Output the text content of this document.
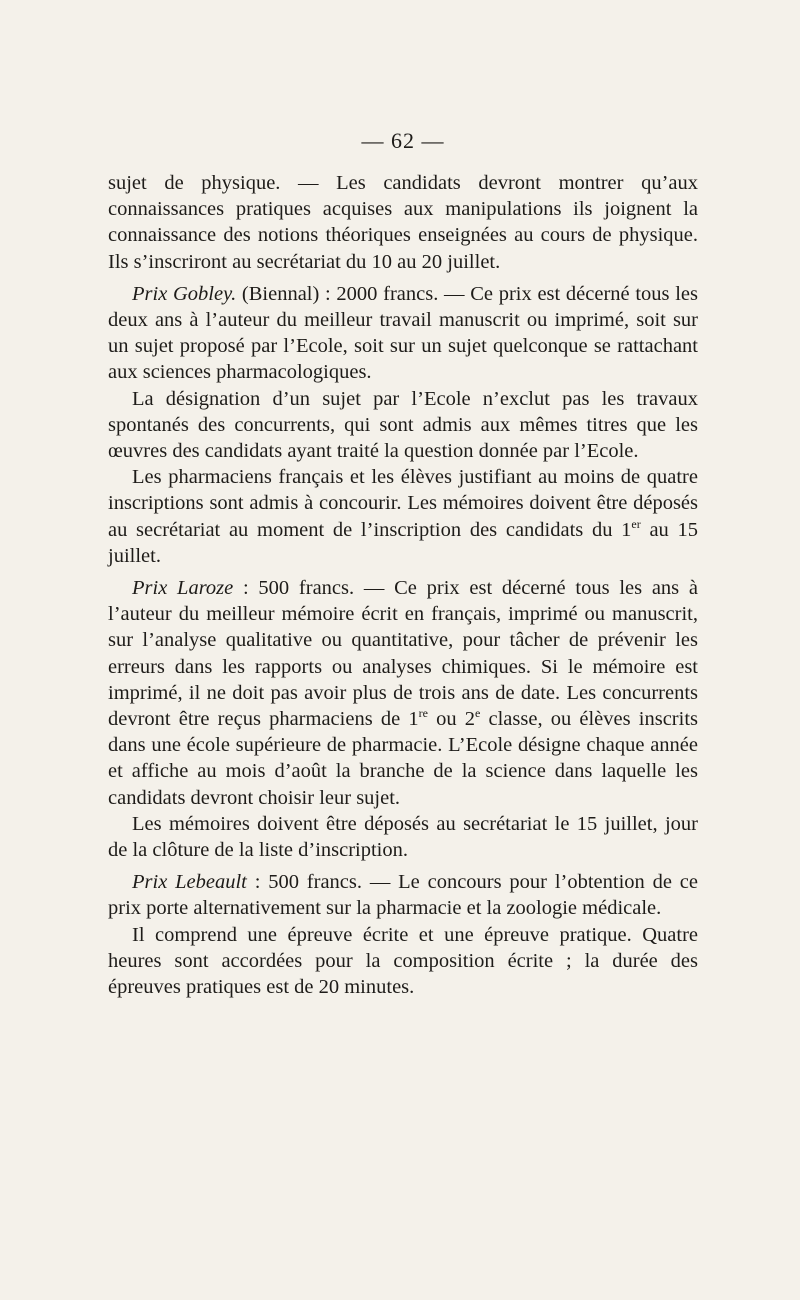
— 62 —

sujet de physique. — Les candidats devront montrer qu’aux connaissances pratiques acquises aux manipulations ils joignent la connaissance des notions théoriques enseignées au cours de physique. Ils s’inscriront au secrétariat du 10 au 20 juillet.

Prix Gobley. (Biennal) : 2000 francs. — Ce prix est décerné tous les deux ans à l’auteur du meilleur travail manuscrit ou imprimé, soit sur un sujet proposé par l’Ecole, soit sur un sujet quelconque se rattachant aux sciences pharmacologiques.

La désignation d’un sujet par l’Ecole n’exclut pas les travaux spontanés des concurrents, qui sont admis aux mêmes titres que les œuvres des candidats ayant traité la question donnée par l’Ecole.

Les pharmaciens français et les élèves justifiant au moins de quatre inscriptions sont admis à concourir. Les mémoires doivent être déposés au secrétariat au moment de l’inscription des candidats du 1er au 15 juillet.

Prix Laroze : 500 francs. — Ce prix est décerné tous les ans à l’auteur du meilleur mémoire écrit en français, imprimé ou manuscrit, sur l’analyse qualitative ou quantitative, pour tâcher de prévenir les erreurs dans les rapports ou analyses chimiques. Si le mémoire est imprimé, il ne doit pas avoir plus de trois ans de date. Les concurrents devront être reçus pharmaciens de 1re ou 2e classe, ou élèves inscrits dans une école supérieure de pharmacie. L’Ecole désigne chaque année et affiche au mois d’août la branche de la science dans laquelle les candidats devront choisir leur sujet.

Les mémoires doivent être déposés au secrétariat le 15 juillet, jour de la clôture de la liste d’inscription.

Prix Lebeault : 500 francs. — Le concours pour l’obtention de ce prix porte alternativement sur la pharmacie et la zoologie médicale.

Il comprend une épreuve écrite et une épreuve pratique. Quatre heures sont accordées pour la composition écrite ; la durée des épreuves pratiques est de 20 minutes.
